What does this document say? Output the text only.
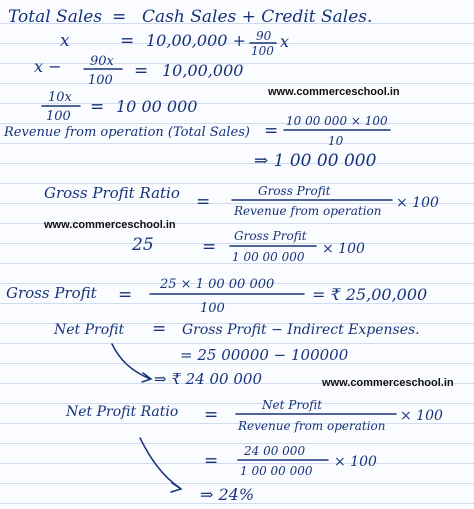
Total Sales = Cash Sales + Credit Sales.
x	= 10,00,000 + 90
100 x
x − 90x
100 = 10,00,000
www.commerceschool.in
10x
100 = 10 00 000
Revenue from operation (Total Sales) = 10 00 000 × 100
10
⇒ 1 00 00 000
Gross Profit Ratio =
Gross Profit
Revenue from operation × 100
www.commerceschool.in
25	=
Gross Profit
1 00 00 000 × 100
Gross Profit =
25 × 1 00 00 000
100
= ₹ 25,00,000
Net Profit = Gross Profit − Indirect Expenses.
= 25 00000 − 100000
⇒ ₹ 24 00 000	www.commerceschool.in
Net Profit Ratio =	Net Profit
Revenue from operation
× 100
= 24 00 000
1 00 00 000
× 100
⇒ 24%
